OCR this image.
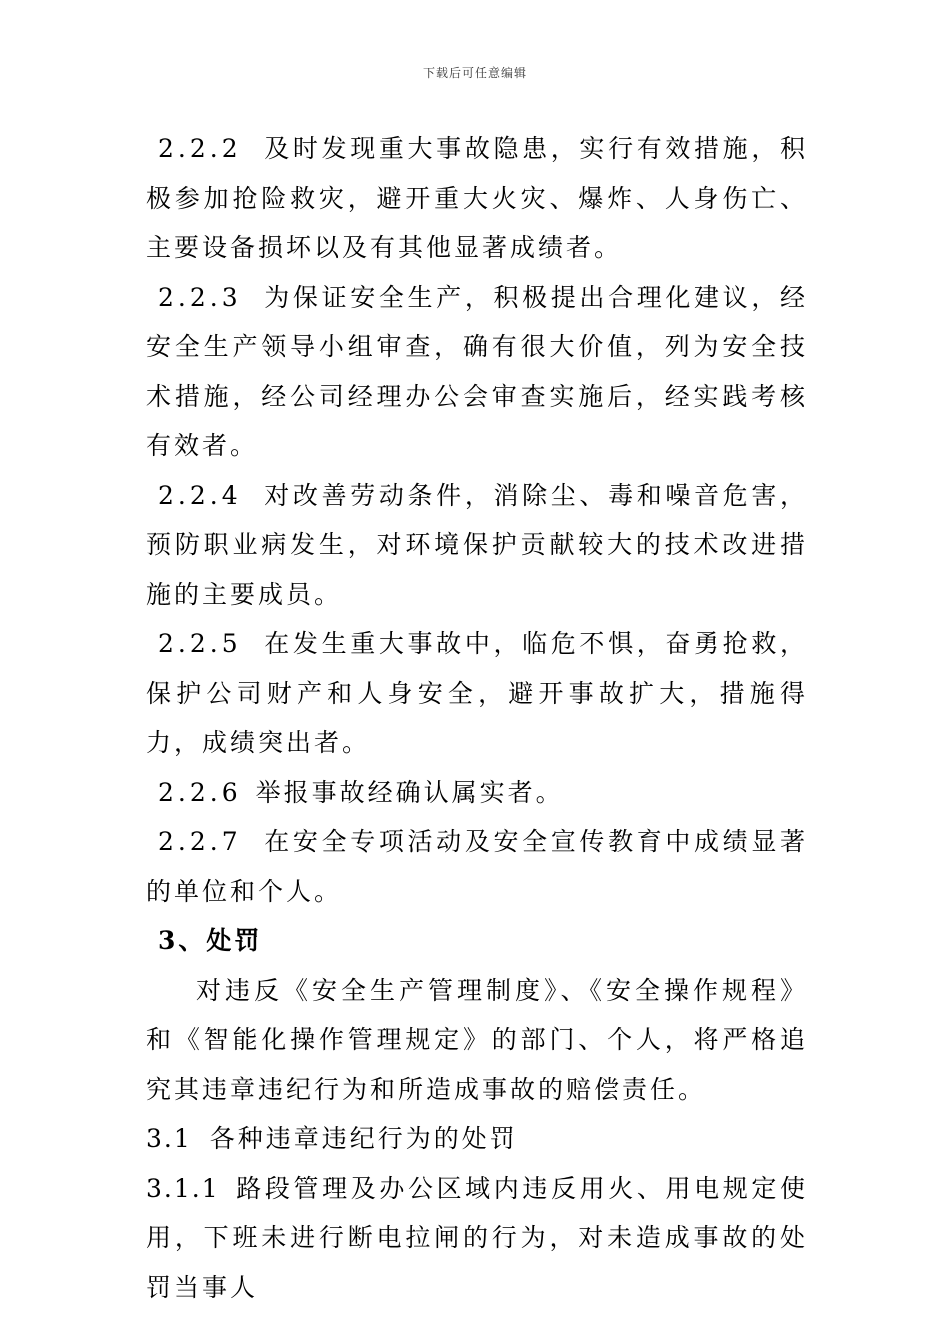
下载后可任意编辑

2.2.2 及时发现重大事故隐患，实行有效措施，积极参加抢险救灾，避开重大火灾、爆炸、人身伤亡、主要设备损坏以及有其他显著成绩者。

2.2.3 为保证安全生产，积极提出合理化建议，经安全生产领导小组审查，确有很大价值，列为安全技术措施，经公司经理办公会审查实施后，经实践考核有效者。

2.2.4 对改善劳动条件，消除尘、毒和噪音危害，预防职业病发生，对环境保护贡献较大的技术改进措施的主要成员。

2.2.5 在发生重大事故中，临危不惧，奋勇抢救，保护公司财产和人身安全，避开事故扩大，措施得力，成绩突出者。

2.2.6 举报事故经确认属实者。

2.2.7 在安全专项活动及安全宣传教育中成绩显著的单位和个人。

3、处罚

对违反《安全生产管理制度》、《安全操作规程》和《智能化操作管理规定》的部门、个人，将严格追究其违章违纪行为和所造成事故的赔偿责任。

3.1 各种违章违纪行为的处罚

3.1.1 路段管理及办公区域内违反用火、用电规定使用，下班未进行断电拉闸的行为，对未造成事故的处罚当事人
